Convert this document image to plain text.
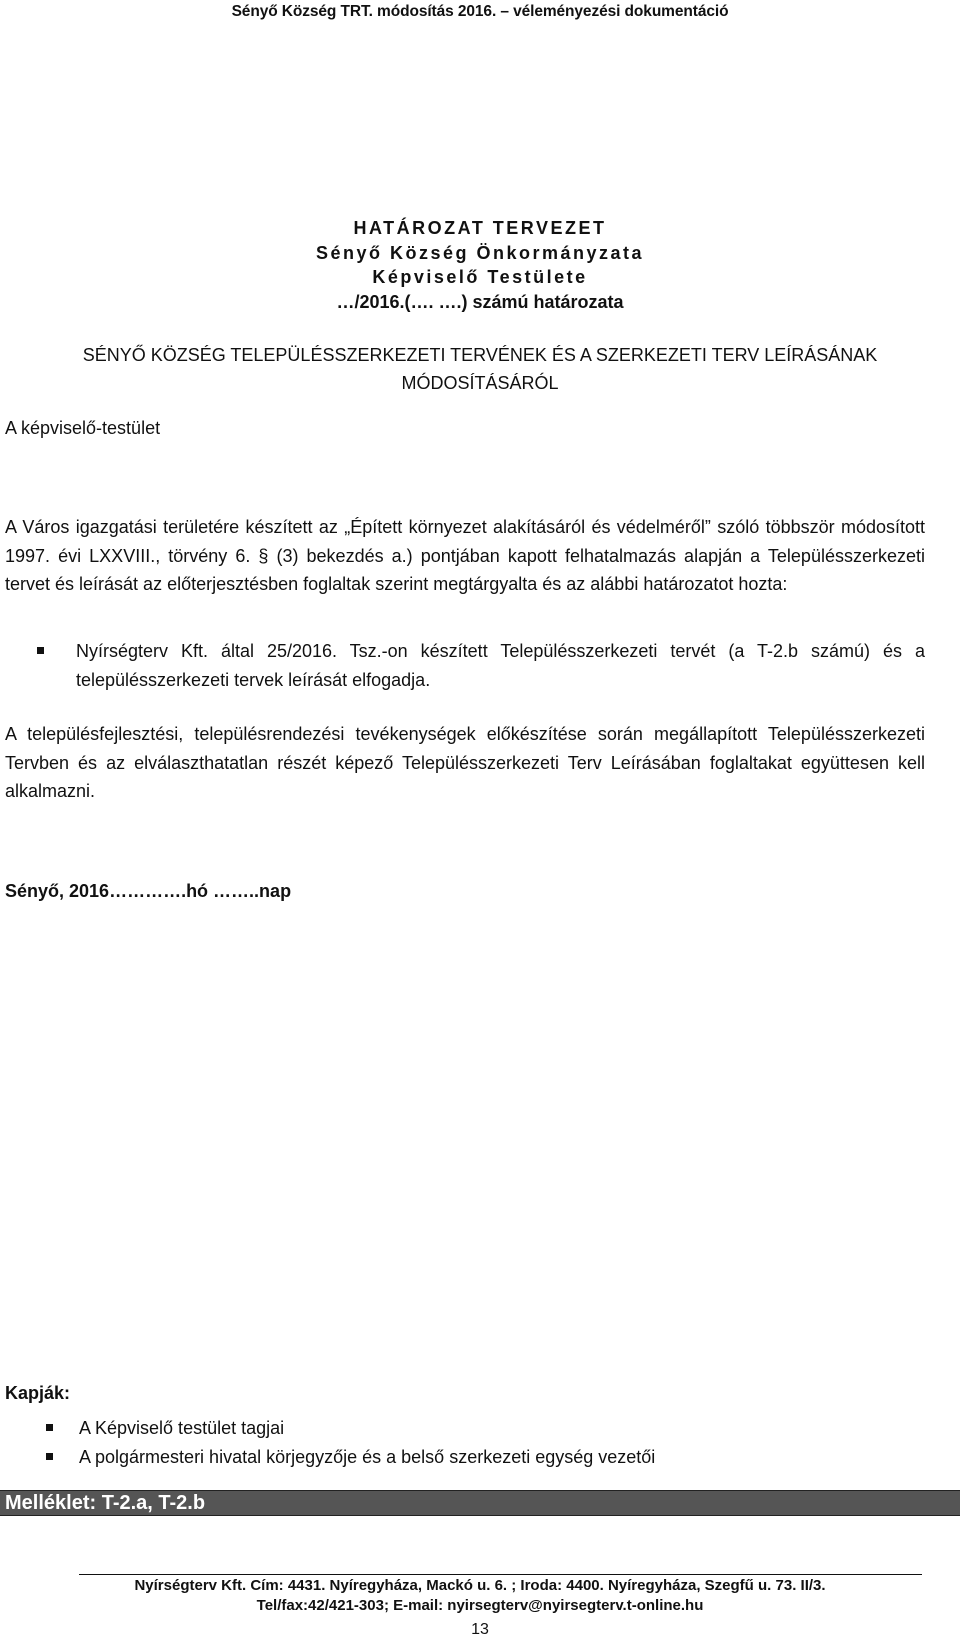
Sényő Község TRT. módosítás 2016. – véleményezési dokumentáció
HATÁROZAT TERVEZET
Sényő Község Önkormányzata
Képviselő Testülete
…/2016.(…. ….) számú határozata
SÉNYŐ KÖZSÉG TELEPÜLÉSSZERKEZETI TERVÉNEK ÉS A SZERKEZETI TERV LEÍRÁSÁNAK
MÓDOSÍTÁSÁRÓL
A képviselő-testület
A Város igazgatási területére készített az „Épített környezet alakításáról és védelméről” szóló többször módosított 1997. évi LXXVIII., törvény 6. § (3) bekezdés a.) pontjában kapott felhatalmazás alapján a Településszerkezeti tervet és leírását az előterjesztésben foglaltak szerint megtárgyalta és az alábbi határozatot hozta:
Nyírségterv Kft. által 25/2016. Tsz.-on készített Településszerkezeti tervét (a T-2.b számú) és a településszerkezeti tervek leírását elfogadja.
A településfejlesztési, településrendezési tevékenységek előkészítése során megállapított Településszerkezeti Tervben és az elválaszthatatlan részét képező Településszerkezeti Terv Leírásában foglaltakat együttesen kell alkalmazni.
Sényő, 2016………….hó ……..nap
Kapják:
A Képviselő testület tagjai
A polgármesteri hivatal körjegyzője és a belső szerkezeti egység vezetői
Melléklet: T-2.a, T-2.b
Nyírségterv Kft. Cím: 4431. Nyíregyháza, Mackó u. 6. ; Iroda: 4400. Nyíregyháza, Szegfű u. 73. II/3.
Tel/fax:42/421-303; E-mail: nyirsegterv@nyirsegterv.t-online.hu
13
